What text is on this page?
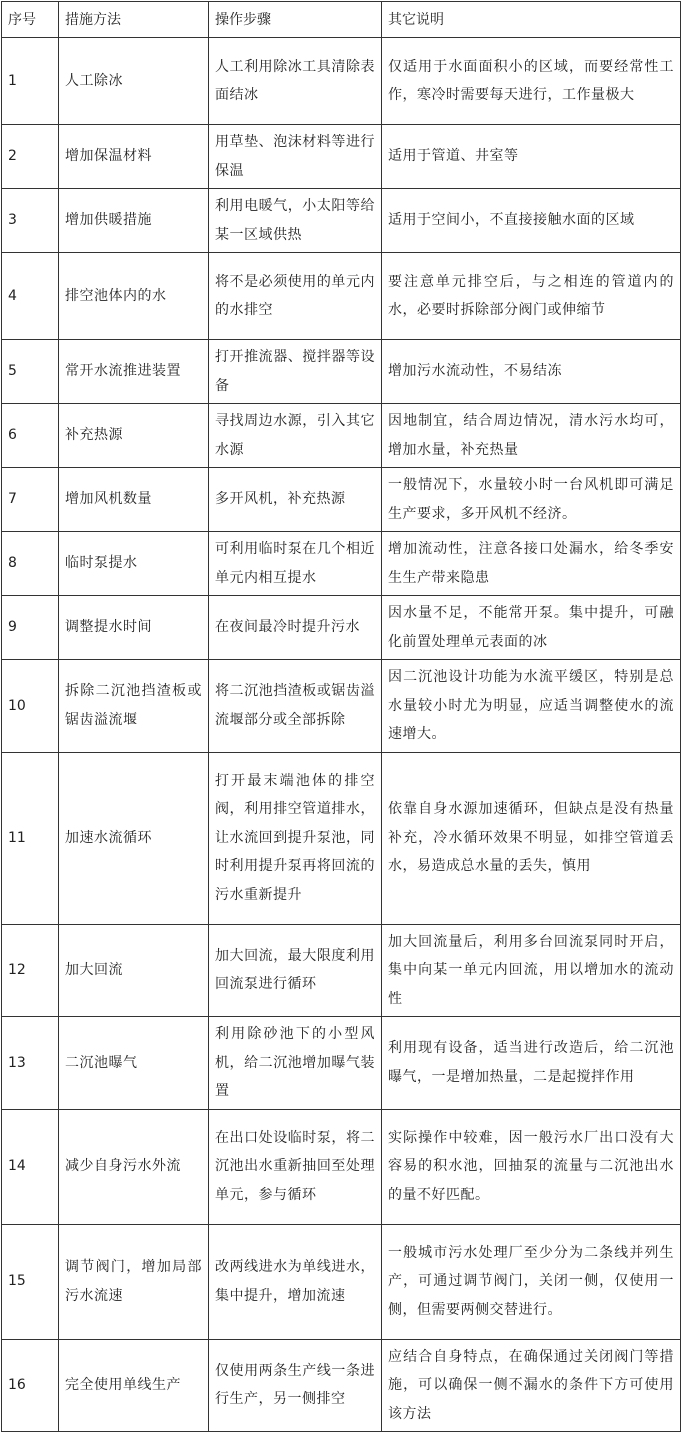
序号	措施方法	操作步骤	其它说明
1	人工除冰	人工利用除冰工具清除表面结冰	仅适用于水面面积小的区域，而要经常性工作，寒冷时需要每天进行，工作量极大
2	增加保温材料	用草垫、泡沫材料等进行保温	适用于管道、井室等
3	增加供暖措施	利用电暖气，小太阳等给某一区域供热	适用于空间小，不直接接触水面的区域
4	排空池体内的水	将不是必须使用的单元内的水排空	要注意单元排空后，与之相连的管道内的水，必要时拆除部分阀门或伸缩节
5	常开水流推进装置	打开推流器、搅拌器等设备	增加污水流动性，不易结冻
6	补充热源	寻找周边水源，引入其它水源	因地制宜，结合周边情况，清水污水均可，增加水量，补充热量
7	增加风机数量	多开风机，补充热源	一般情况下，水量较小时一台风机即可满足生产要求，多开风机不经济。
8	临时泵提水	可利用临时泵在几个相近单元内相互提水	增加流动性，注意各接口处漏水，给冬季安生生产带来隐患
9	调整提水时间	在夜间最冷时提升污水	因水量不足，不能常开泵。集中提升，可融化前置处理单元表面的冰
10	拆除二沉池挡渣板或锯齿溢流堰	将二沉池挡渣板或锯齿溢流堰部分或全部拆除	因二沉池设计功能为水流平缓区，特别是总水量较小时尤为明显，应适当调整使水的流速增大。
11	加速水流循环	打开最末端池体的排空阀，利用排空管道排水，让水流回到提升泵池，同时利用提升泵再将回流的污水重新提升	依靠自身水源加速循环，但缺点是没有热量补充，冷水循环效果不明显，如排空管道丢水，易造成总水量的丢失，慎用
12	加大回流	加大回流，最大限度利用回流泵进行循环	加大回流量后，利用多台回流泵同时开启，集中向某一单元内回流，用以增加水的流动性
13	二沉池曝气	利用除砂池下的小型风机，给二沉池增加曝气装置	利用现有设备，适当进行改造后，给二沉池曝气，一是增加热量，二是起搅拌作用
14	减少自身污水外流	在出口处设临时泵，将二沉池出水重新抽回至处理单元，参与循环	实际操作中较难，因一般污水厂出口没有大容易的积水池，回抽泵的流量与二沉池出水的量不好匹配。
15	调节阀门，增加局部污水流速	改两线进水为单线进水，集中提升，增加流速	一般城市污水处理厂至少分为二条线并列生产，可通过调节阀门，关闭一侧，仅使用一侧，但需要两侧交替进行。
16	完全使用单线生产	仅使用两条生产线一条进行生产，另一侧排空	应结合自身特点，在确保通过关闭阀门等措施，可以确保一侧不漏水的条件下方可使用该方法
